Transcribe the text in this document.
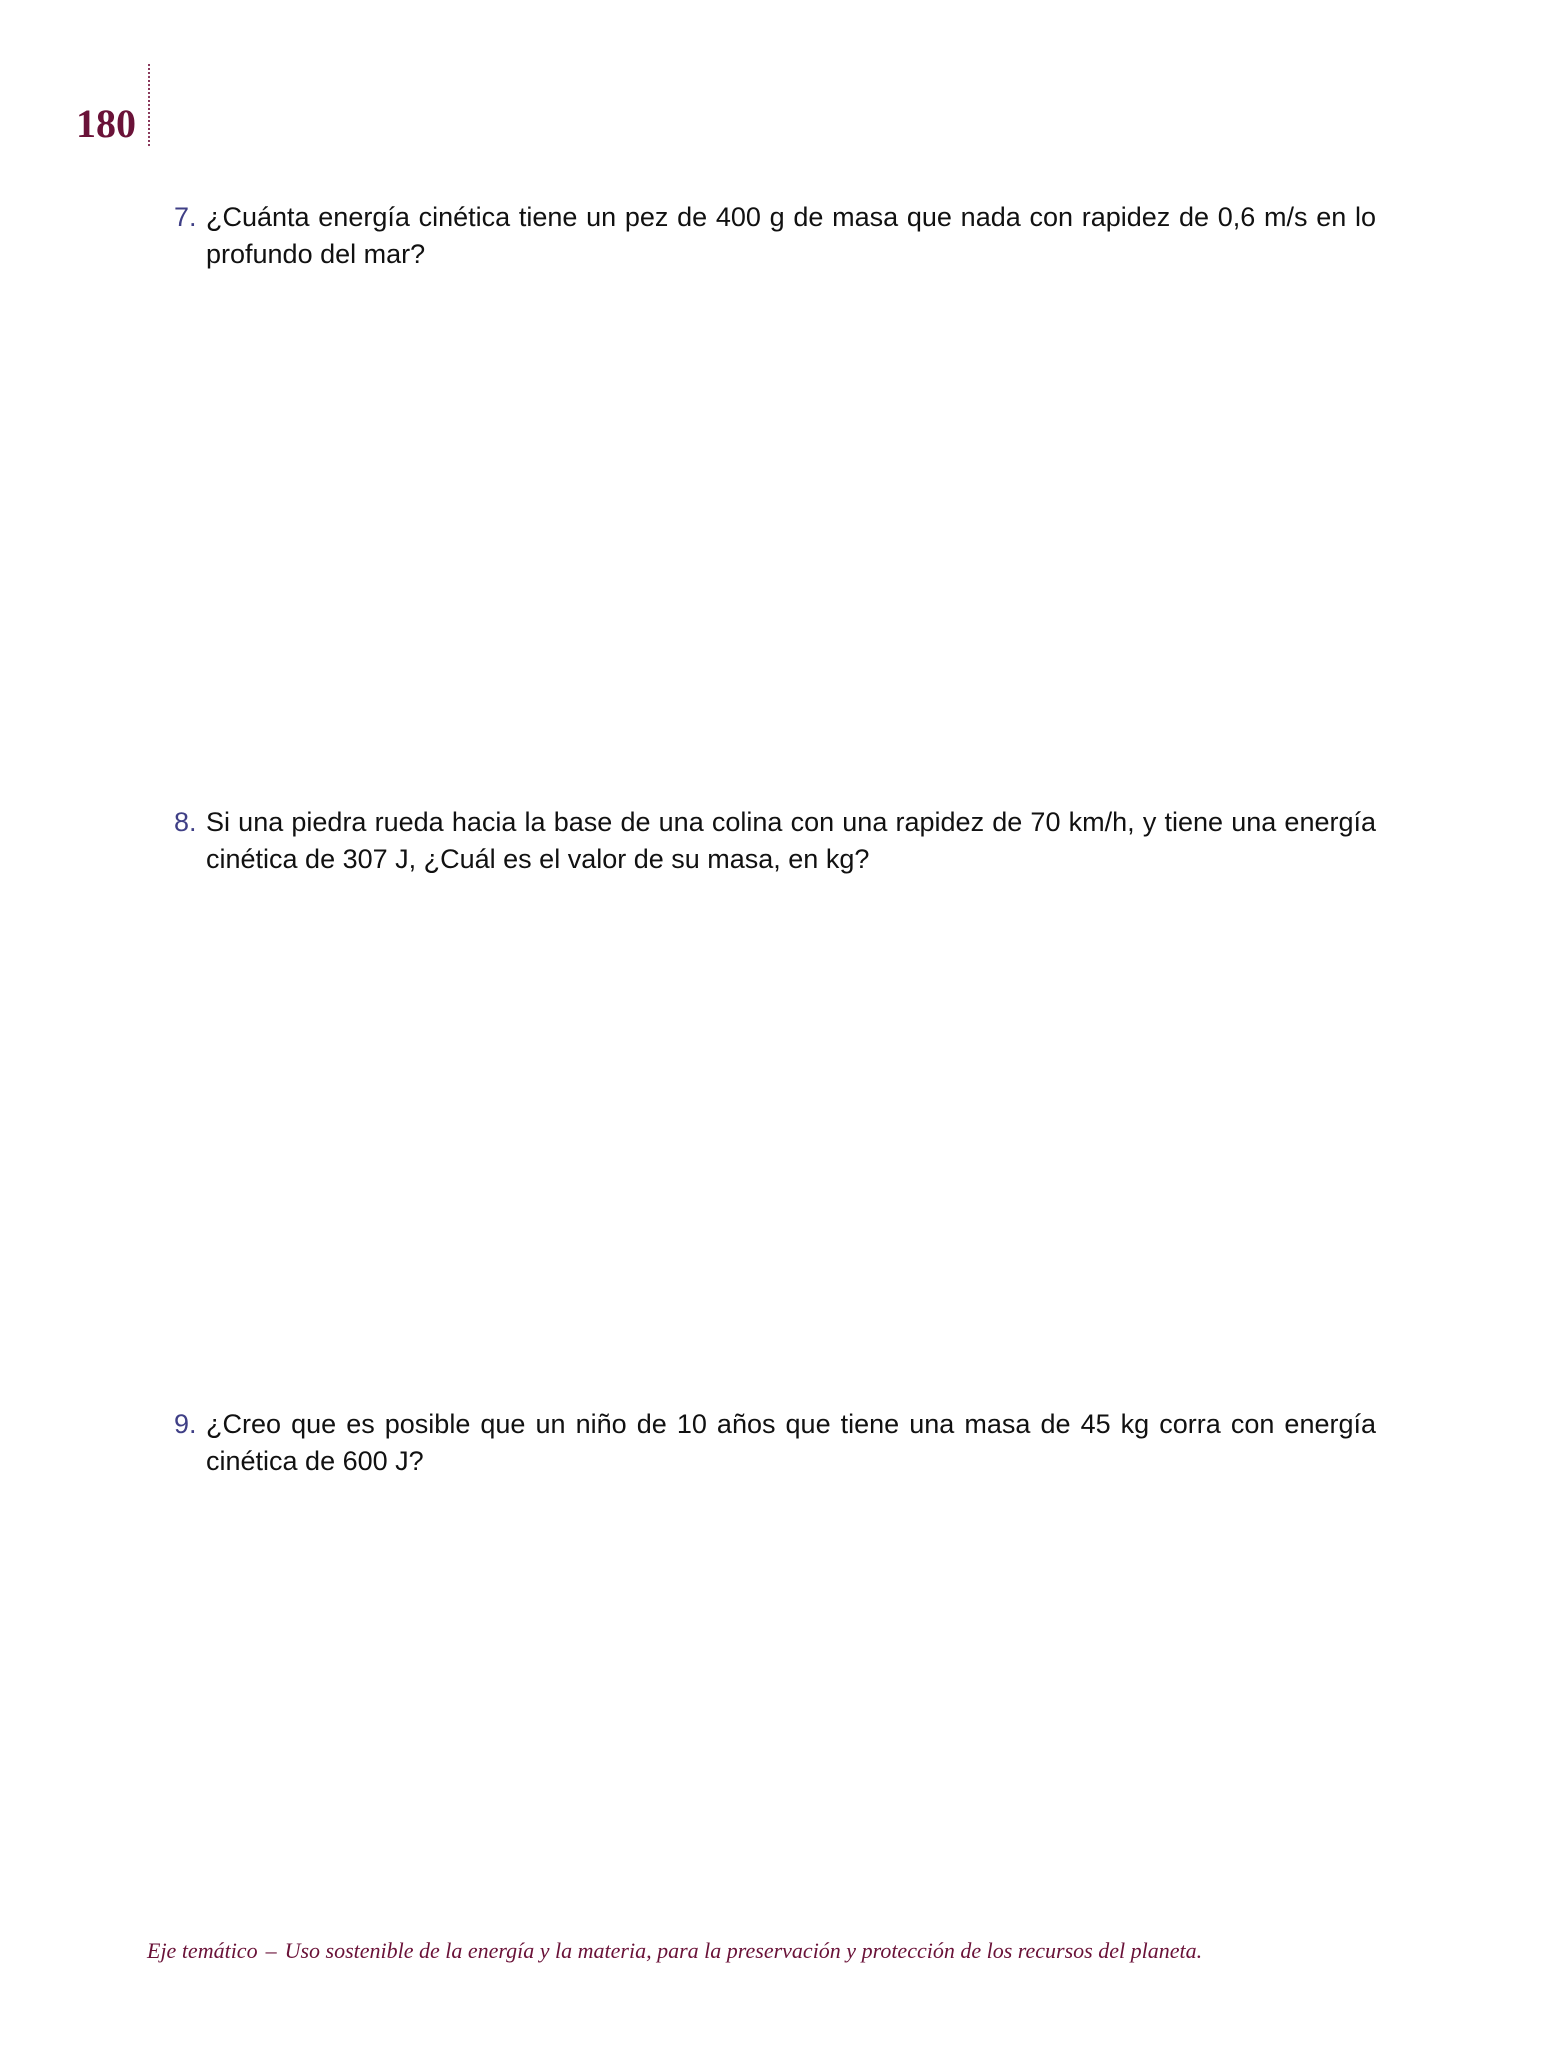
180
7. ¿Cuánta energía cinética tiene un pez de 400 g de masa que nada con rapidez de 0,6 m/s en lo profundo del mar?
8. Si una piedra rueda hacia la base de una colina con una rapidez de 70 km/h, y tiene una energía cinética de 307 J, ¿Cuál es el valor de su masa, en kg?
9. ¿Creo que es posible que un niño de 10 años que tiene una masa de 45 kg corra con energía cinética de 600 J?
Eje temático – Uso sostenible de la energía y la materia, para la preservación y protección de los recursos del planeta.
